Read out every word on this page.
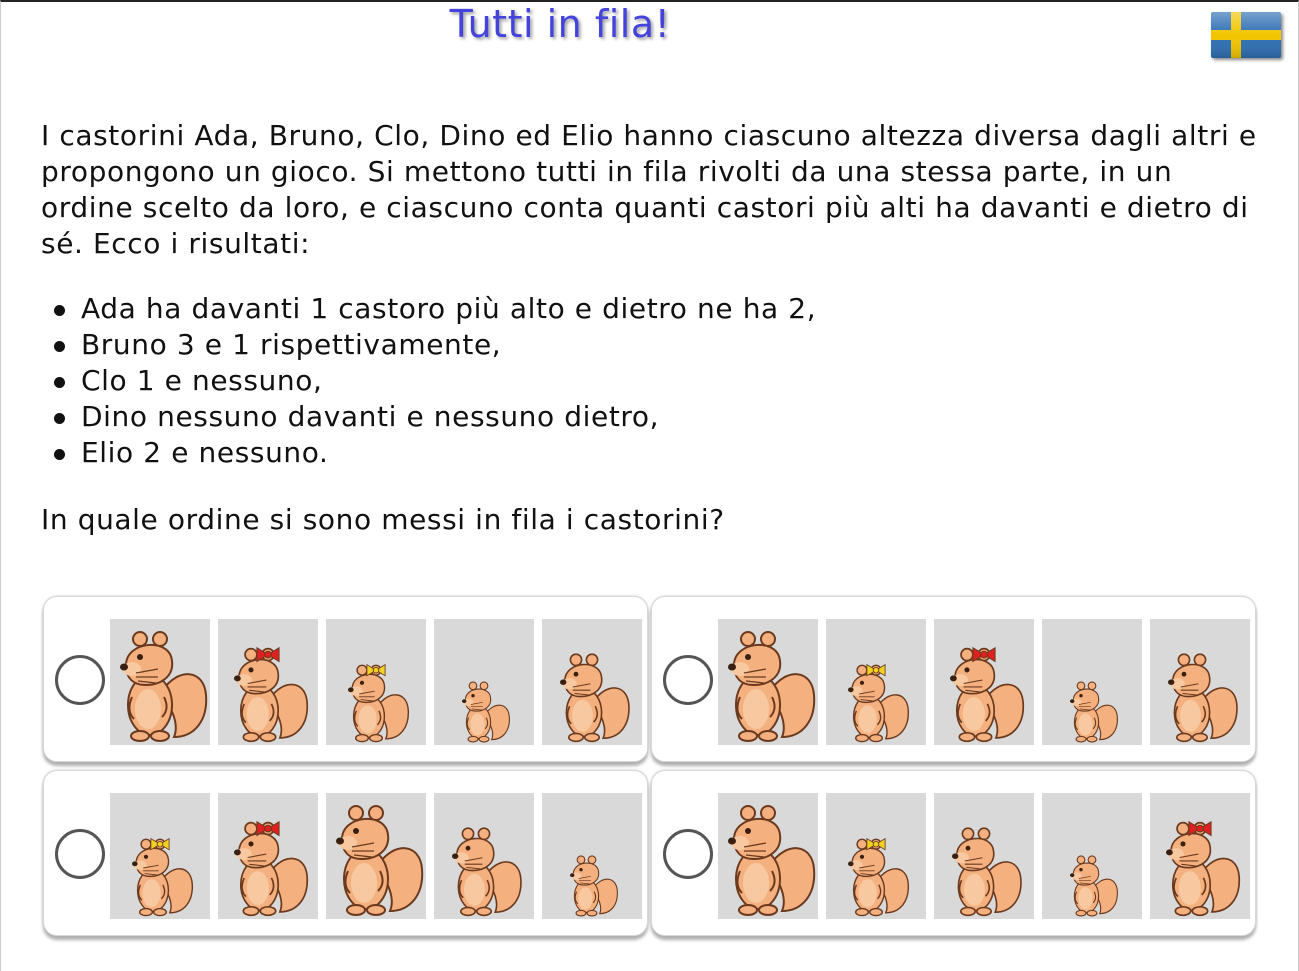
Tutti in fila!

I castorini Ada, Bruno, Clo, Dino ed Elio hanno ciascuno altezza diversa dagli altri e propongono un gioco. Si mettono tutti in fila rivolti da una stessa parte, in un ordine scelto da loro, e ciascuno conta quanti castori più alti ha davanti e dietro di sé. Ecco i risultati:

Ada ha davanti 1 castoro più alto e dietro ne ha 2,
Bruno 3 e 1 rispettivamente,
Clo 1 e nessuno,
Dino nessuno davanti e nessuno dietro,
Elio 2 e nessuno.

In quale ordine si sono messi in fila i castorini?
